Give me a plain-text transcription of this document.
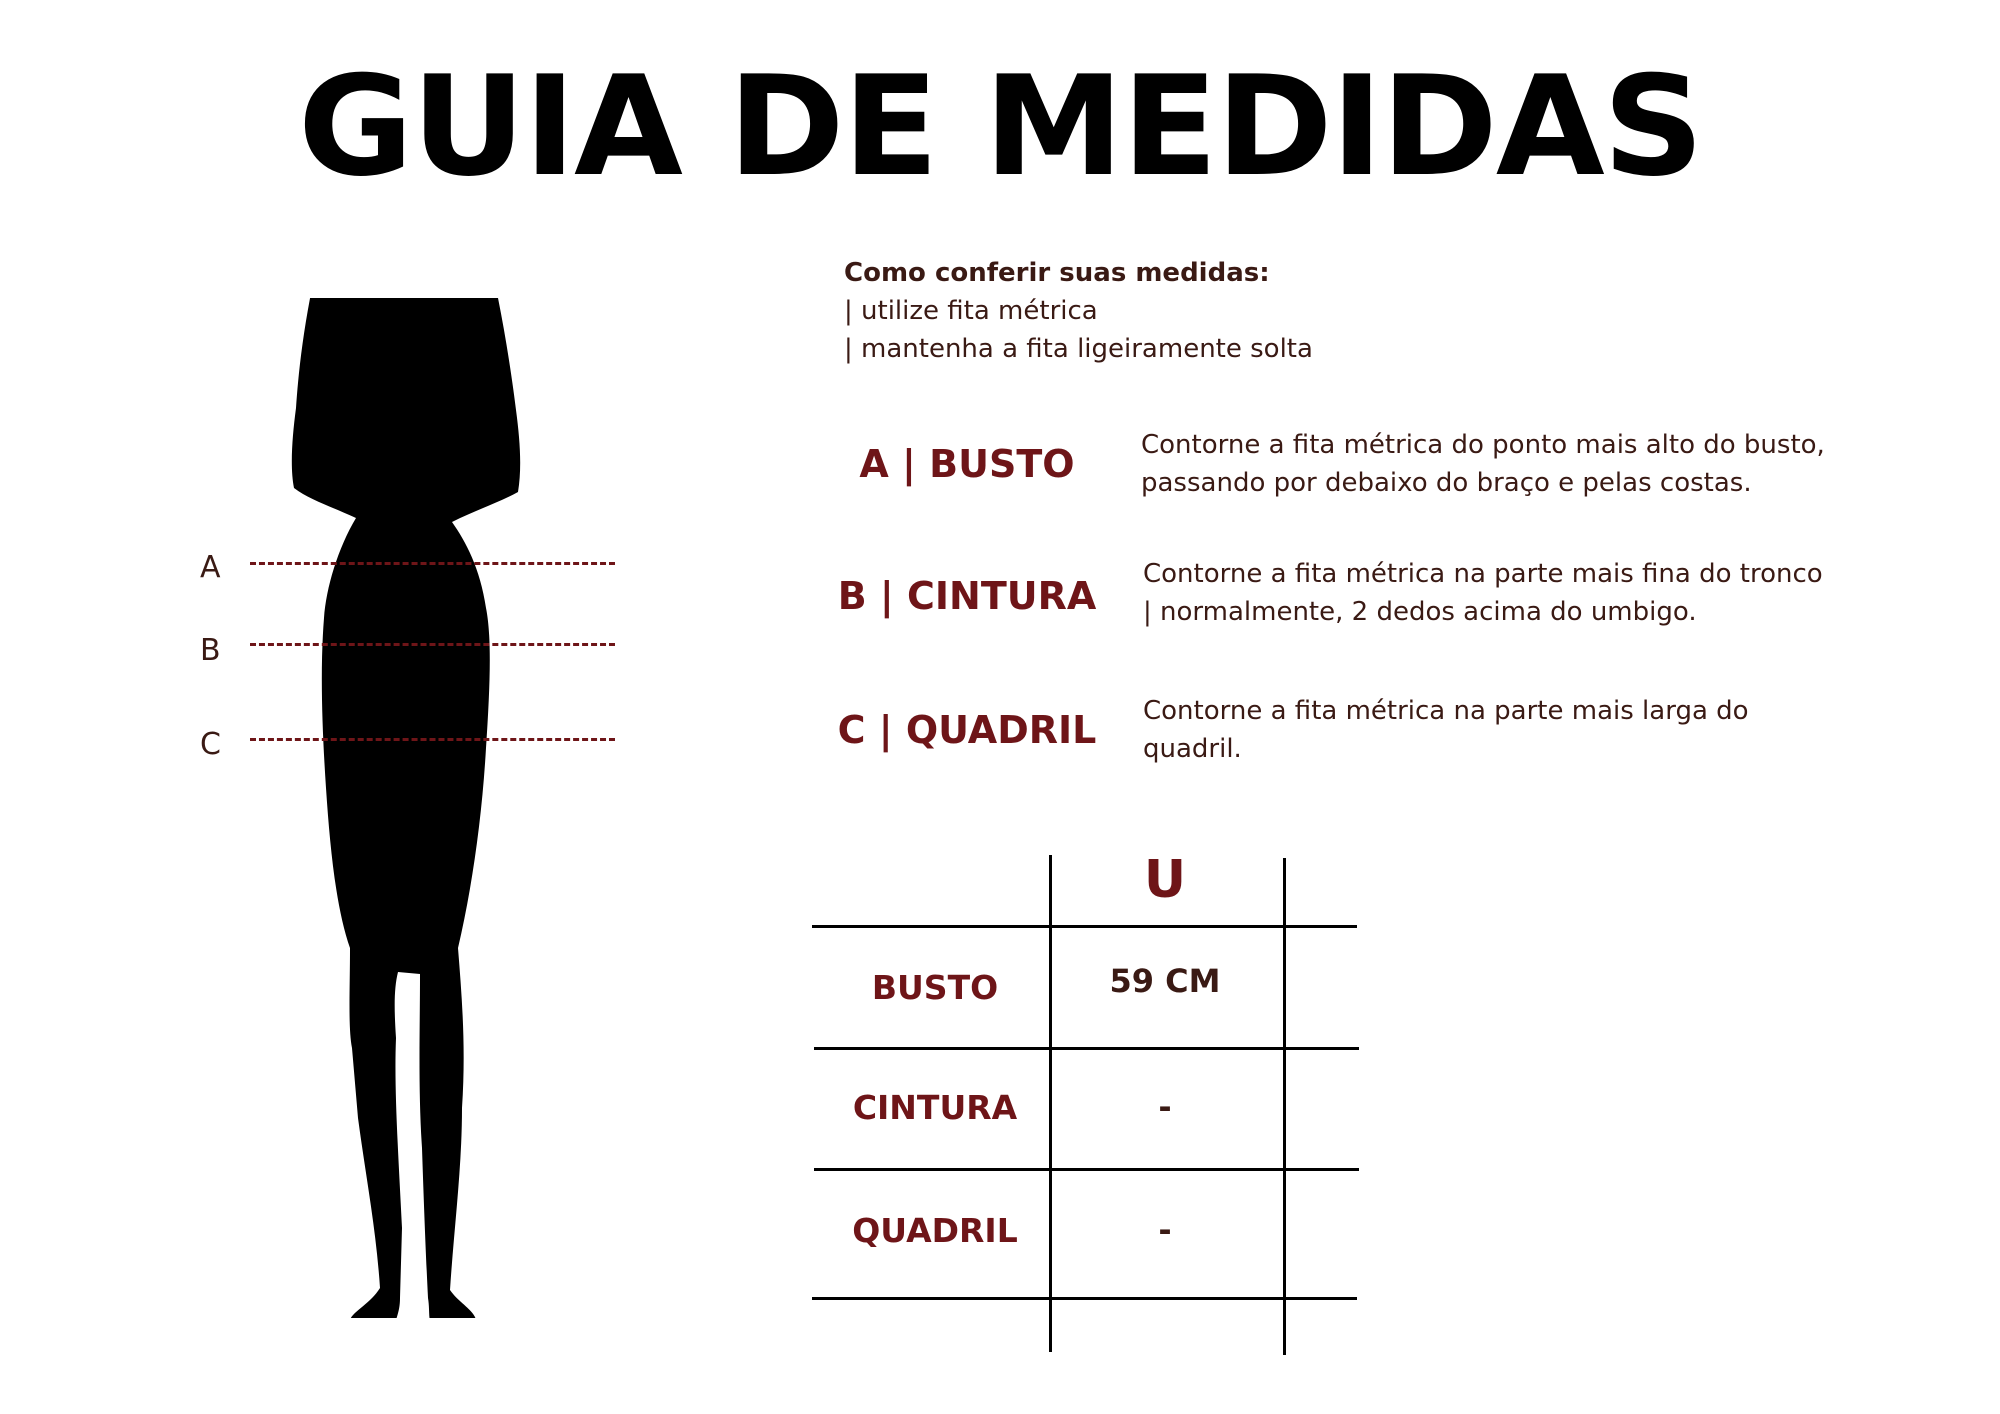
GUIA DE MEDIDAS
Como conferir suas medidas:
| utilize fita métrica
| mantenha a fita ligeiramente solta
A | BUSTO	Contorne a fita métrica do ponto mais alto do busto,
passando por debaixo do braço e pelas costas.
B | CINTURA	Contorne a fita métrica na parte mais fina do tronco
| normalmente, 2 dedos acima do umbigo.
C | QUADRIL	Contorne a fita métrica na parte mais larga do
quadril.
A
B
C
U
BUSTO	59 CM
CINTURA	-
QUADRIL	-
